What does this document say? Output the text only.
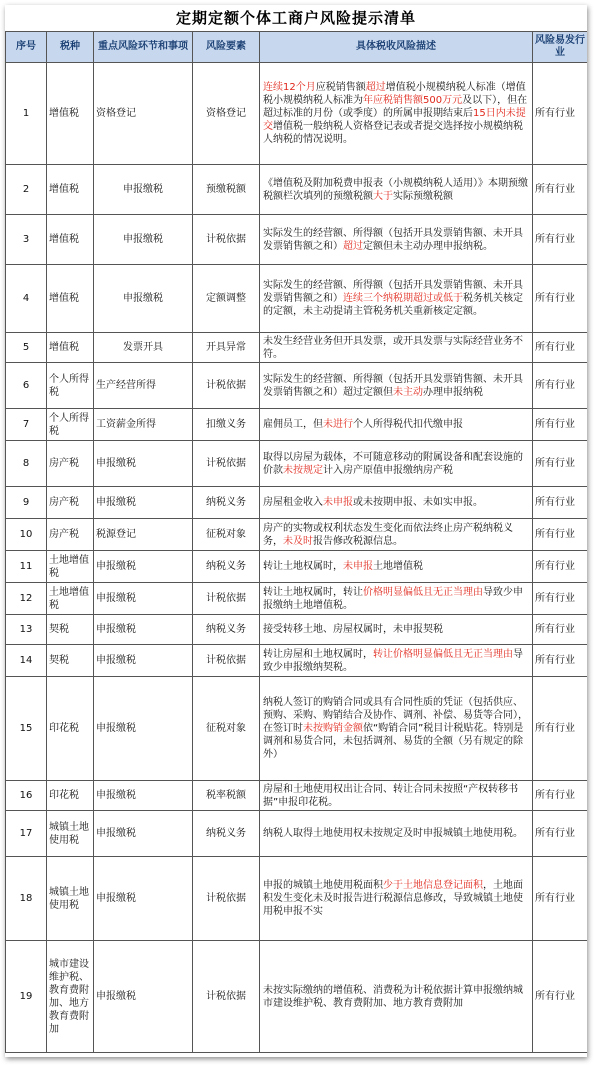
定期定额个体工商户风险提示清单
序号	税种	重点风险环节和事项	风险要素	具体税收风险描述	风险易发行业
1	增值税	资格登记	资格登记	连续12个月应税销售额超过增值税小规模纳税人标准（增值税小规模纳税人标准为年应税销售额500万元及以下），但在超过标准的月份（或季度）的所属申报期结束后15日内未提交增值税一般纳税人资格登记表或者提交选择按小规模纳税人纳税的情况说明。	所有行业
2	增值税	申报缴税	预缴税额	《增值税及附加税费申报表（小规模纳税人适用）》本期预缴税额栏次填列的预缴税额大于实际预缴税额	所有行业
3	增值税	申报缴税	计税依据	实际发生的经营额、所得额（包括开具发票销售额、未开具发票销售额之和）超过定额但未主动办理申报纳税。	所有行业
4	增值税	申报缴税	定额调整	实际发生的经营额、所得额（包括开具发票销售额、未开具发票销售额之和）连续三个纳税期超过或低于税务机关核定的定额，未主动提请主管税务机关重新核定定额。	所有行业
5	增值税	发票开具	开具异常	未发生经营业务但开具发票，或开具发票与实际经营业务不符。	所有行业
6	个人所得税	生产经营所得	计税依据	实际发生的经营额、所得额（包括开具发票销售额、未开具发票销售额之和）超过定额但未主动办理申报纳税	所有行业
7	个人所得税	工资薪金所得	扣缴义务	雇佣员工，但未进行个人所得税代扣代缴申报	所有行业
8	房产税	申报缴税	计税依据	取得以房屋为载体，不可随意移动的附属设备和配套设施的价款未按规定计入房产原值申报缴纳房产税	所有行业
9	房产税	申报缴税	纳税义务	房屋租金收入未申报或未按期申报、未如实申报。	所有行业
10	房产税	税源登记	征税对象	房产的实物或权利状态发生变化而依法终止房产税纳税义务，未及时报告修改税源信息。	所有行业
11	土地增值税	申报缴税	纳税义务	转让土地权属时，未申报土地增值税	所有行业
12	土地增值税	申报缴税	计税依据	转让土地权属时，转让价格明显偏低且无正当理由导致少申报缴纳土地增值税。	所有行业
13	契税	申报缴税	纳税义务	接受转移土地、房屋权属时，未申报契税	所有行业
14	契税	申报缴税	计税依据	转让房屋和土地权属时，转让价格明显偏低且无正当理由导致少申报缴纳契税。	所有行业
15	印花税	申报缴税	征税对象	纳税人签订的购销合同或具有合同性质的凭证（包括供应、预购、采购、购销结合及协作、调剂、补偿、易货等合同），在签订时未按购销金额依“购销合同”税目计税贴花。特别是调剂和易货合同，未包括调剂、易货的全额（另有规定的除外）	所有行业
16	印花税	申报缴税	税率税额	房屋和土地使用权出让合同、转让合同未按照“产权转移书据”申报印花税。	所有行业
17	城镇土地使用税	申报缴税	纳税义务	纳税人取得土地使用权未按规定及时申报城镇土地使用税。	所有行业
18	城镇土地使用税	申报缴税	计税依据	申报的城镇土地使用税面积少于土地信息登记面积，土地面积发生变化未及时报告进行税源信息修改，导致城镇土地使用税申报不实	所有行业
19	城市建设维护税、教育费附加、地方教育费附加	申报缴税	计税依据	未按实际缴纳的增值税、消费税为计税依据计算申报缴纳城市建设维护税、教育费附加、地方教育费附加	所有行业
